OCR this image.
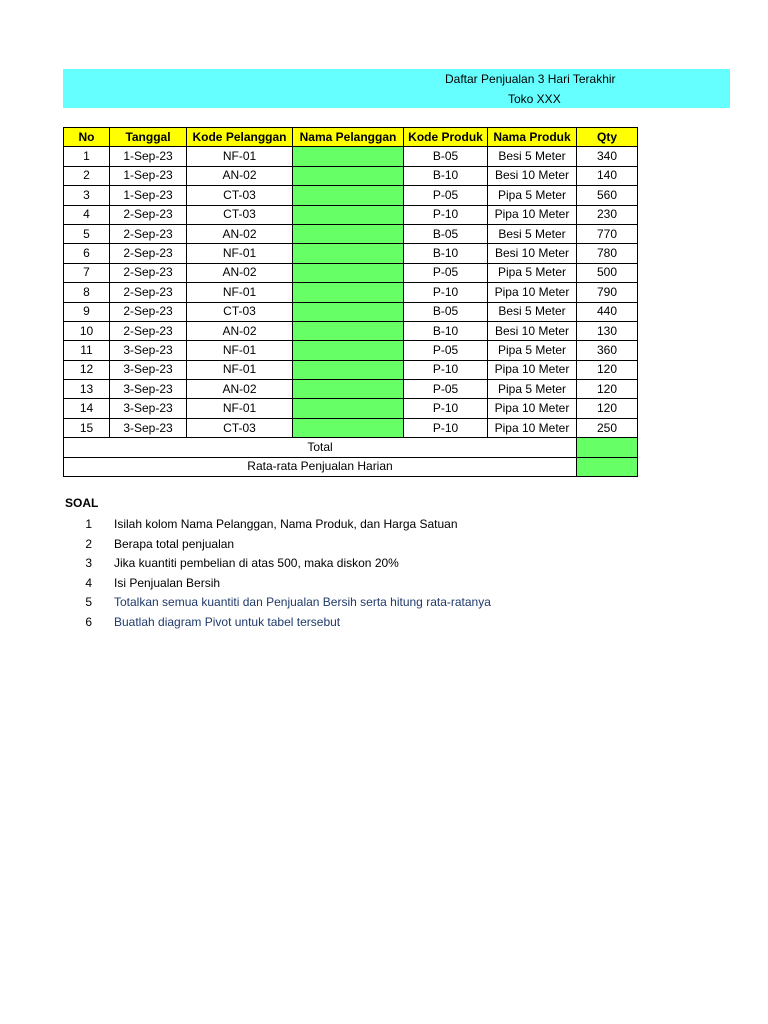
Daftar Penjualan 3 Hari Terakhir
Toko XXX
No	Tanggal	Kode Pelanggan	Nama Pelanggan	Kode Produk	Nama Produk	Qty
1	1-Sep-23	NF-01		B-05	Besi 5 Meter	340
2	1-Sep-23	AN-02		B-10	Besi 10 Meter	140
3	1-Sep-23	CT-03		P-05	Pipa 5 Meter	560
4	2-Sep-23	CT-03		P-10	Pipa 10 Meter	230
5	2-Sep-23	AN-02		B-05	Besi 5 Meter	770
6	2-Sep-23	NF-01		B-10	Besi 10 Meter	780
7	2-Sep-23	AN-02		P-05	Pipa 5 Meter	500
8	2-Sep-23	NF-01		P-10	Pipa 10 Meter	790
9	2-Sep-23	CT-03		B-05	Besi 5 Meter	440
10	2-Sep-23	AN-02		B-10	Besi 10 Meter	130
11	3-Sep-23	NF-01		P-05	Pipa 5 Meter	360
12	3-Sep-23	NF-01		P-10	Pipa 10 Meter	120
13	3-Sep-23	AN-02		P-05	Pipa 5 Meter	120
14	3-Sep-23	NF-01		P-10	Pipa 10 Meter	120
15	3-Sep-23	CT-03		P-10	Pipa 10 Meter	250
Total						
Rata-rata Penjualan Harian						
SOAL
1 Isilah kolom Nama Pelanggan, Nama Produk, dan Harga Satuan
2 Berapa total penjualan
3 Jika kuantiti pembelian di atas 500, maka diskon 20%
4 Isi Penjualan Bersih
5 Totalkan semua kuantiti dan Penjualan Bersih serta hitung rata-ratanya
6 Buatlah diagram Pivot untuk tabel tersebut
